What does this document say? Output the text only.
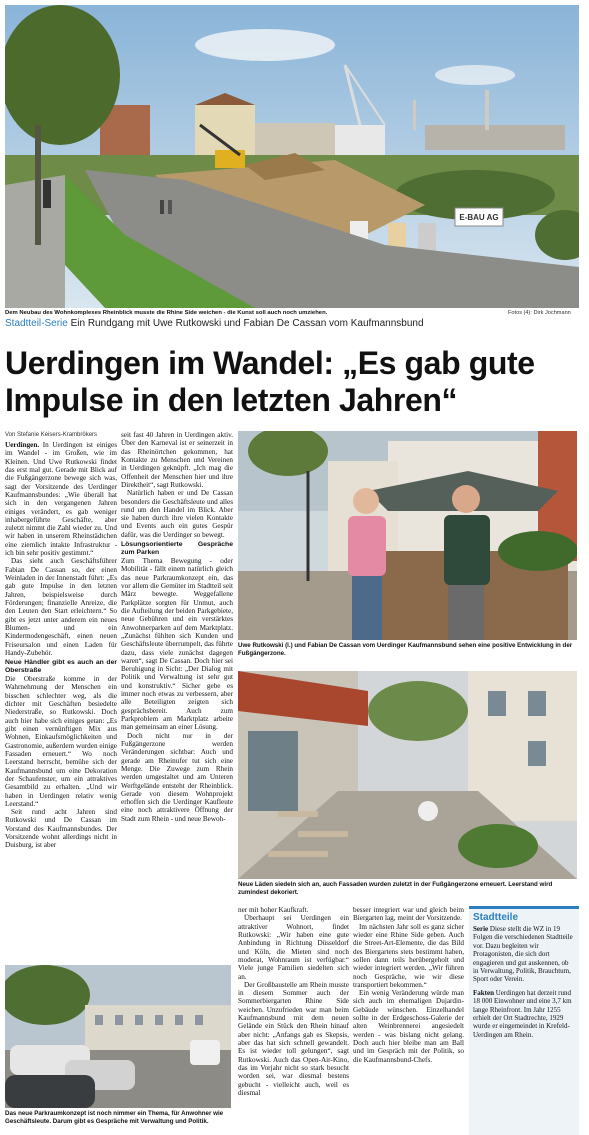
E-BAU AG
Dem Neubau des Wohnkomplexes Rheinblick musste die Rhine Side weichen - die Kunst soll auch noch umziehen.	Fotos (4): Dirk Jochmann
Stadtteil-Serie Ein Rundgang mit Uwe Rutkowski und Fabian De Cassan vom Kaufmannsbund
Uerdingen im Wandel: „Es gab gute Impulse in den letzten Jahren“
Von Stefanie Keisers-Krambrökers

Uerdingen. In Uerdingen ist einiges im Wandel - im Großen, wie im Kleinen. Und Uwe Rutkowski findet das erst mal gut. Gerade mit Blick auf die Fußgängerzone bewege sich was, sagt der Vorsitzende des Uerdinger Kaufmannsbundes: „Wie überall hat sich in den vergangenen Jahren einiges verändert, es gab weniger inhabergeführte Geschäfte, aber zuletzt nimmt die Zahl wieder zu. Und wir haben in unserem Rheinstädtchen eine ziemlich intakte Infrastruktur - ich bin sehr positiv gestimmt.“

Das sieht auch Geschäftsführer Fabian De Cassan so, der einen Weinladen in der Innenstadt führt: „Es gab gute Impulse in den letzten Jahren, beispielsweise durch Förderungen; finanzielle Anreize, die den Leuten den Start erleichtern.“ So gibt es jetzt unter anderem ein neues Blumen- und ein Kindermodengeschäft, einen neuen Friseursalon und einen Laden für Handy-Zubehör.

Neue Händler gibt es auch an der Oberstraße

Die Oberstraße komme in der Wahrnehmung der Menschen ein bisschen schlechter weg, als die dichter mit Geschäften besiedelte Niederstraße, so Rutkowski. Doch auch hier habe sich einiges getan: „Es gibt einen vernünftigen Mix aus Wohnen, Einkaufsmöglichkeiten und Gastronomie, außerdem wurden einige Fassaden erneuert.“ Wo noch Leerstand herrscht, bemühe sich der Kaufmannsbund um eine Dekoration der Schaufenster, um ein attraktives Gesamtbild zu erhalten. „Und wir haben in Uerdingen relativ wenig Leerstand.“

Seit rund acht Jahren sind Rutkowski und De Cassan im Vorstand des Kaufmannsbundes. Der Vorsitzende wohnt allerdings nicht in Duisburg, ist aber

seit fast 40 Jahren in Uerdingen aktiv. Über den Karneval ist er seinerzeit in das Rheinörtchen gekommen, hat Kontakte zu Menschen und Vereinen in Uerdingen geknüpft. „Ich mag die Offenheit der Menschen hier und ihre Direktheit“, sagt Rutkowski.

Natürlich haben er und De Cassan besonders die Geschäftsleute und alles rund um den Handel im Blick. Aber sie haben durch ihre vielen Kontakte und Events auch ein gutes Gespür dafür, was die Uerdinger so bewegt.

Lösungsorientierte Gespräche zum Parken

Zum Thema Bewegung - oder Mobilität - fällt einem natürlich gleich das neue Parkraumkonzept ein, das vor allem die Gemüter im Stadtteil seit März bewegte. Weggefallene Parkplätze sorgten für Unmut, auch die Aufteilung der beiden Parkgebiete, neue Gebühren und ein verstärktes Anwohnerparken auf dem Marktplatz. „Zunächst fühlten sich Kunden und Geschäftsleute überrumpelt, das führte dazu, dass viele zunächst dagegen waren“, sagt De Cassan. Doch hier sei Beruhigung in Sicht: „Der Dialog mit Politik und Verwaltung ist sehr gut und konstruktiv.“ Sicher gebe es immer noch etwas zu verbessern, aber alle Beteiligten zeigten sich gesprächsbereit. Auch zum Parkproblem am Marktplatz arbeite man gemeinsam an einer Lösung.

Doch nicht nur in der Fußgängerzone werden Veränderungen sichtbar: Auch und gerade am Rheinufer tut sich eine Menge. Die Zuwege zum Rhein werden umgestaltet und am Unteren Werftgelände entsteht der Rheinblick. Gerade von diesem Wohnprojekt erhoffen sich die Uerdinger Kaufleute eine noch attraktivere Öffnung der Stadt zum Rhein - und neue Bewoh-

Uwe Rutkowski (l.) und Fabian De Cassan vom Uerdinger Kaufmannsbund sehen eine positive Entwicklung in der Fußgängerzone.
Neue Läden siedeln sich an, auch Fassaden wurden zuletzt in der Fußgängerzone erneuert. Leerstand wird zumindest dekoriert.
Das neue Parkraumkonzept ist noch nimmer ein Thema, für Anwohner wie Geschäftsleute. Darum gibt es Gespräche mit Verwaltung und Politik.

ner mit hoher Kaufkraft.

Überhaupt sei Uerdingen ein attraktiver Wohnort, findet Rutkowski: „Wir haben eine gute Anbindung in Richtung Düsseldorf und Köln, die Mieten sind noch moderat, Wohnraum ist verfügbar.“ Viele junge Familien siedelten sich an.

Der Großbaustelle am Rhein musste in diesem Sommer auch der Sommerbiergarten Rhine Side weichen. Unzufrieden war man beim Kaufmannsbund mit dem neuen Gelände ein Stück den Rhein hinauf aber nicht: „Anfangs gab es Skepsis, aber das hat sich schnell gewandelt. Es ist wieder toll gelungen“, sagt Rutkowski. Auch das Open-Air-Kino, das im Vorjahr nicht so stark besucht worden sei, war diesmal bestens gebucht - vielleicht auch, weil es diesmal

besser integriert war und gleich beim Biergarten lag, meint der Vorsitzende.

Im nächsten Jahr soll es ganz sicher wieder eine Rhine Side geben. Auch die Street-Art-Elemente, die das Bild des Biergartens stets bestimmt haben, sollen dann teils herübergeholt und wieder integriert werden. „Wir führen noch Gespräche, wie wir diese transportiert bekommen.“

Ein wenig Veränderung würde man sich auch im ehemaligen Dujardin-Gebäude wünschen. Einzelhandel sollte in der Erdgeschoss-Galerie der alten Weinbrennerei angesiedelt werden - was bislang nicht gelang. Doch auch hier bleibe man am Ball und im Gespräch mit der Politik, so die Kaufmannsbund-Chefs.

Stadtteile

Serie Diese stellt die WZ in 19 Folgen die verschiedenen Stadtteile vor. Dazu begleiten wir Protagonisten, die sich dort engagieren und gut auskennen, ob in Verwaltung, Politik, Brauchtum, Sport oder Verein.

Fakten Uerdingen hat derzeit rund 18 000 Einwohner und eine 3,7 km lange Rheinfront. Im Jahr 1255 erhielt der Ort Stadtrechte, 1929 wurde er eingemeindet in Krefeld-Uerdingen am Rhein.
